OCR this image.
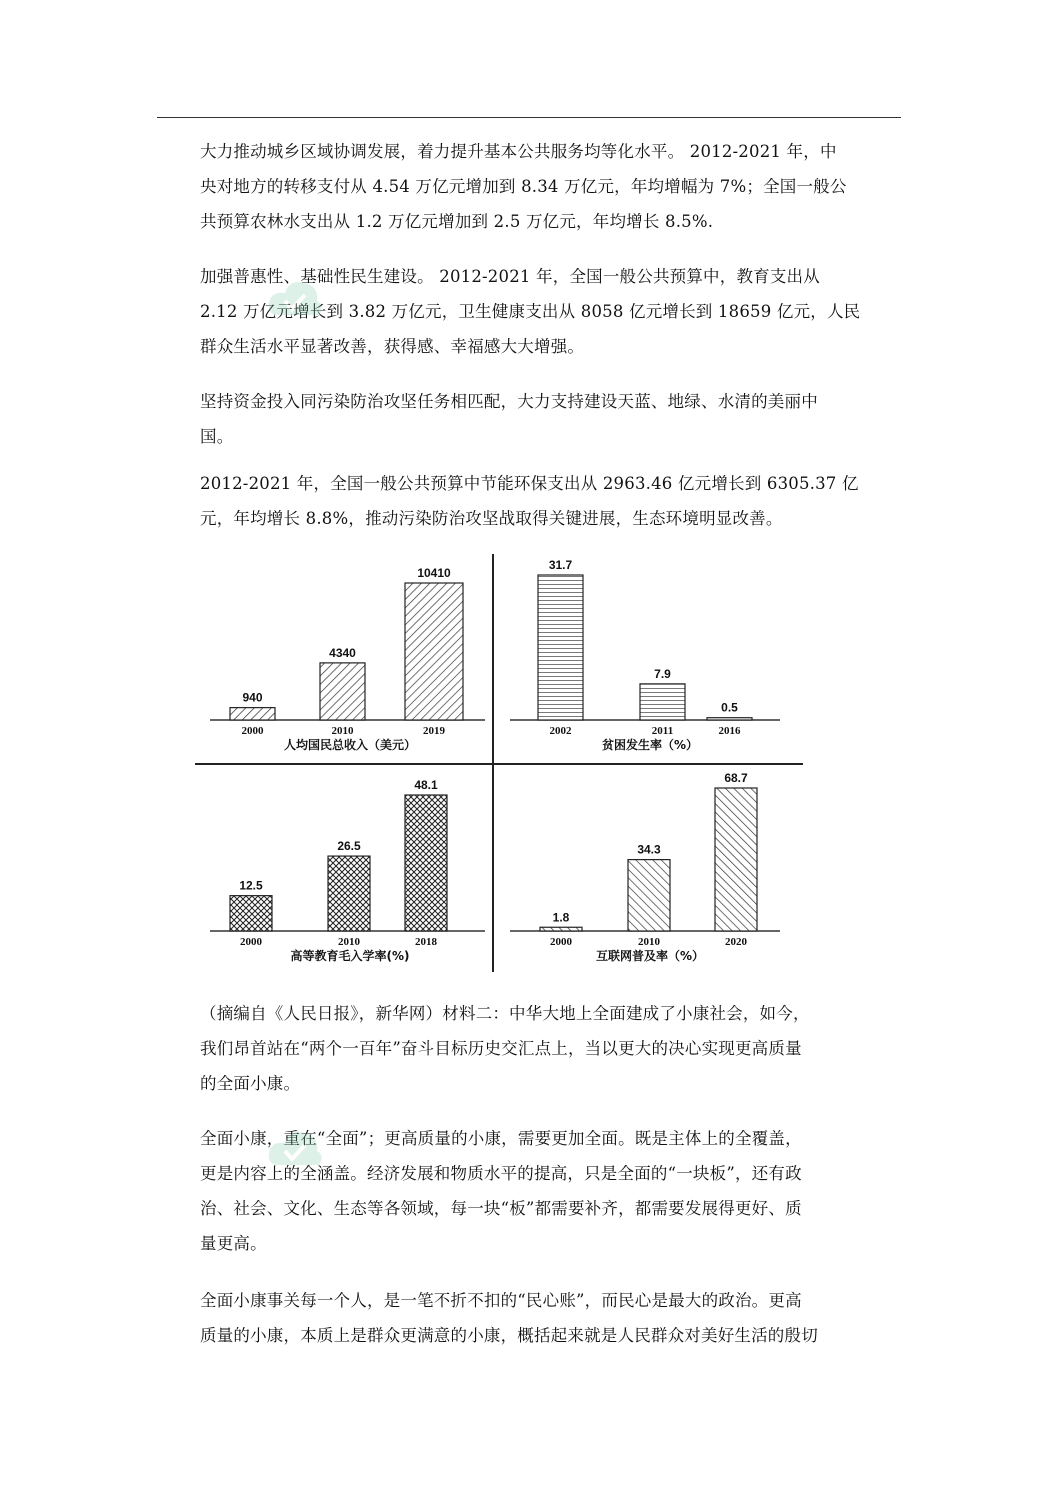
大力推动城乡区域协调发展，着力提升基本公共服务均等化水平。 2012-2021 年，中
央对地方的转移支付从 4.54 万亿元增加到 8.34 万亿元，年均增幅为 7%；全国一般公
共预算农林水支出从 1.2 万亿元增加到 2.5 万亿元，年均增长 8.5%.
加强普惠性、基础性民生建设。 2012-2021 年，全国一般公共预算中，教育支出从
2.12 万亿元增长到 3.82 万亿元，卫生健康支出从 8058 亿元增长到 18659 亿元，人民
群众生活水平显著改善，获得感、幸福感大大增强。
坚持资金投入同污染防治攻坚任务相匹配，大力支持建设天蓝、地绿、水清的美丽中
国。
2012-2021 年，全国一般公共预算中节能环保支出从 2963.46 亿元增长到 6305.37 亿
元，年均增长 8.8%，推动污染防治攻坚战取得关键进展，生态环境明显改善。
940
2000
4340
2010
10410
2019
人均国民总收入（美元）
31.7
2002
7.9
2011
0.5
2016
贫困发生率（%）
12.5
2000
26.5
2010
48.1
2018
高等教育毛入学率(%)
1.8
2000
34.3
2010
68.7
2020
互联网普及率（%）
（摘编自《人民日报》，新华网）材料二：中华大地上全面建成了小康社会，如今，
我们昂首站在“两个一百年”奋斗目标历史交汇点上，当以更大的决心实现更高质量
的全面小康。
全面小康，重在“全面”；更高质量的小康，需要更加全面。既是主体上的全覆盖，
更是内容上的全涵盖。经济发展和物质水平的提高，只是全面的“一块板”，还有政
治、社会、文化、生态等各领域，每一块“板”都需要补齐，都需要发展得更好、质
量更高。
全面小康事关每一个人，是一笔不折不扣的“民心账”，而民心是最大的政治。更高
质量的小康，本质上是群众更满意的小康，概括起来就是人民群众对美好生活的殷切
